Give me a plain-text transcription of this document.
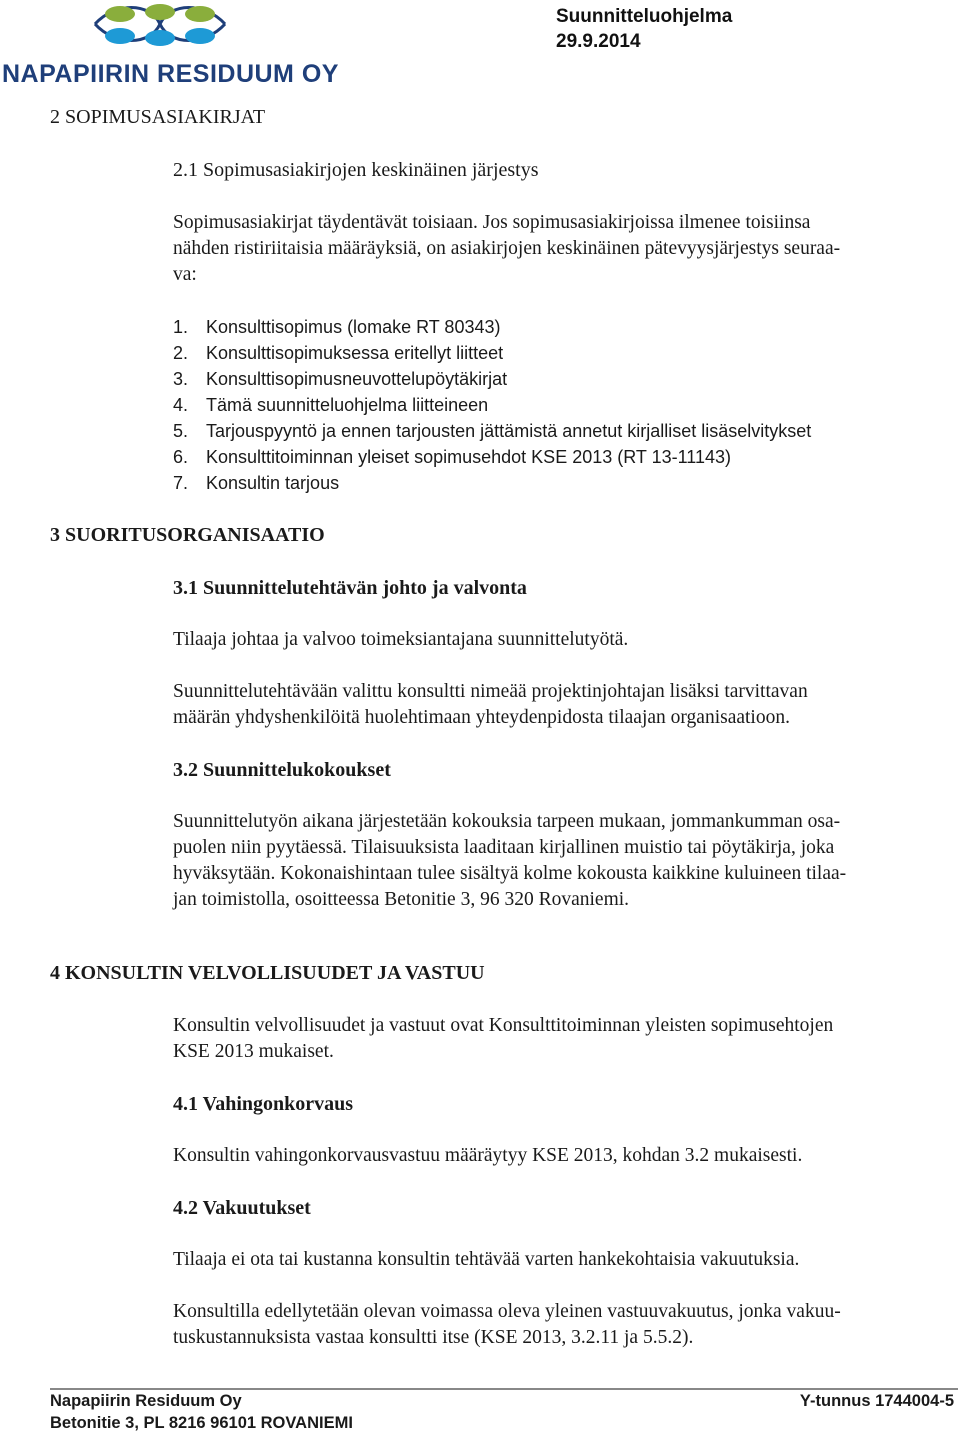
NAPAPIIRIN RESIDUUM OY
Suunnitteluohjelma
29.9.2014
2 SOPIMUSASIAKIRJAT
2.1 Sopimusasiakirjojen keskinäinen järjestys
Sopimusasiakirjat täydentävät toisiaan. Jos sopimusasiakirjoissa ilmenee toisiinsa
nähden ristiriitaisia määräyksiä, on asiakirjojen keskinäinen pätevyysjärjestys seuraa-
va:
1. Konsulttisopimus (lomake RT 80343)
2. Konsulttisopimuksessa eritellyt liitteet
3. Konsulttisopimusneuvottelupöytäkirjat
4. Tämä suunnitteluohjelma liitteineen
5. Tarjouspyyntö ja ennen tarjousten jättämistä annetut kirjalliset lisäselvitykset
6. Konsulttitoiminnan yleiset sopimusehdot KSE 2013 (RT 13-11143)
7. Konsultin tarjous
3 SUORITUSORGANISAATIO
3.1 Suunnittelutehtävän johto ja valvonta
Tilaaja johtaa ja valvoo toimeksiantajana suunnittelutyötä.
Suunnittelutehtävään valittu konsultti nimeää projektinjohtajan lisäksi tarvittavan
määrän yhdyshenkilöitä huolehtimaan yhteydenpidosta tilaajan organisaatioon.
3.2 Suunnittelukokoukset
Suunnittelutyön aikana järjestetään kokouksia tarpeen mukaan, jommankumman osa-
puolen niin pyytäessä. Tilaisuuksista laaditaan kirjallinen muistio tai pöytäkirja, joka
hyväksytään. Kokonaishintaan tulee sisältyä kolme kokousta kaikkine kuluineen tilaa-
jan toimistolla, osoitteessa Betonitie 3, 96 320 Rovaniemi.
4 KONSULTIN VELVOLLISUUDET JA VASTUU
Konsultin velvollisuudet ja vastuut ovat Konsulttitoiminnan yleisten sopimusehtojen
KSE 2013 mukaiset.
4.1 Vahingonkorvaus
Konsultin vahingonkorvausvastuu määräytyy KSE 2013, kohdan 3.2 mukaisesti.
4.2 Vakuutukset
Tilaaja ei ota tai kustanna konsultin tehtävää varten hankekohtaisia vakuutuksia.
Konsultilla edellytetään olevan voimassa oleva yleinen vastuuvakuutus, jonka vakuu-
tuskustannuksista vastaa konsultti itse (KSE 2013, 3.2.11 ja 5.5.2).
Napapiirin Residuum Oy
Betonitie 3, PL 8216 96101 ROVANIEMI
Y-tunnus 1744004-5
